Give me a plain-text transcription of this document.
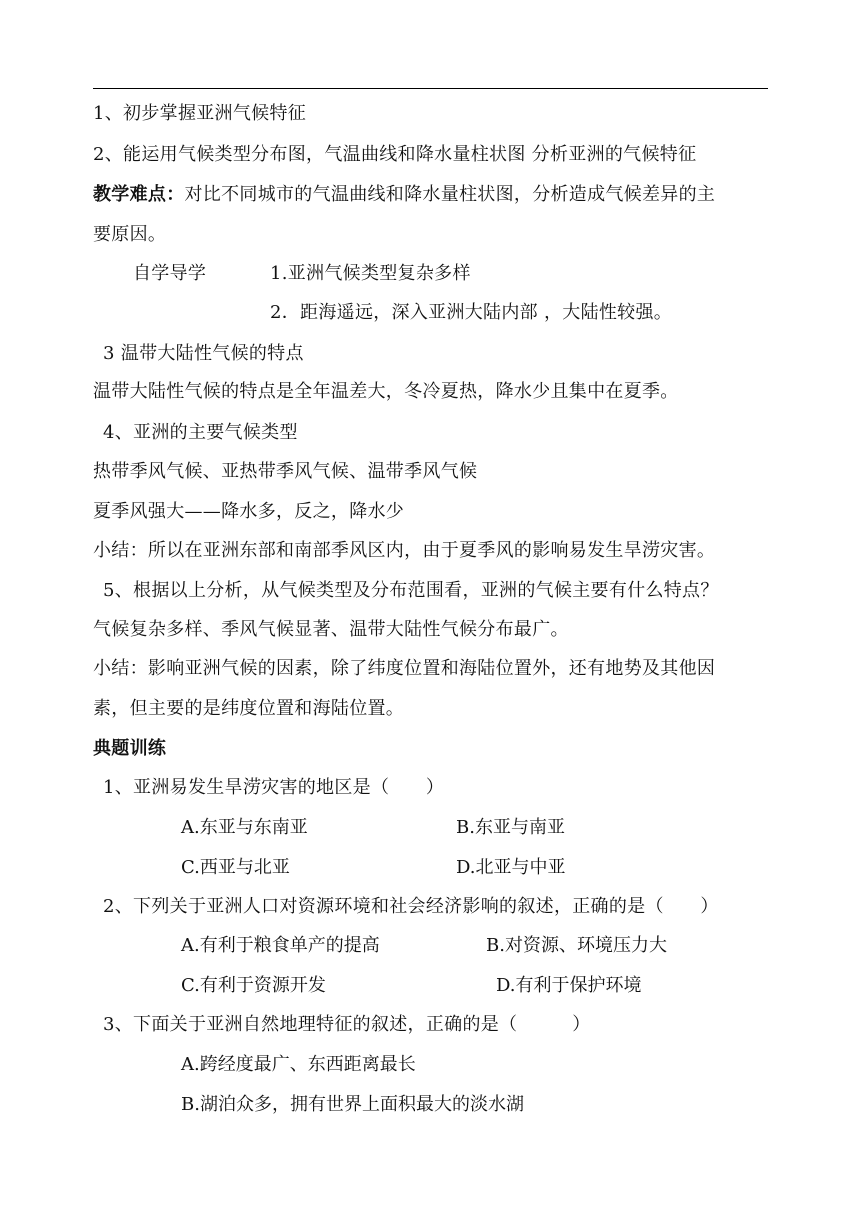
1、初步掌握亚洲气候特征
2、能运用气候类型分布图，气温曲线和降水量柱状图 分析亚洲的气候特征
教学难点：对比不同城市的气温曲线和降水量柱状图，分析造成气候差异的主
要原因。
自学导学	1.亚洲气候类型复杂多样
2．距海遥远，深入亚洲大陆内部 ，大陆性较强。
3 温带大陆性气候的特点
温带大陆性气候的特点是全年温差大，冬冷夏热，降水少且集中在夏季。
4、亚洲的主要气候类型
热带季风气候、亚热带季风气候、温带季风气候
夏季风强大——降水多，反之，降水少
小结：所以在亚洲东部和南部季风区内，由于夏季风的影响易发生旱涝灾害。
5、根据以上分析，从气候类型及分布范围看，亚洲的气候主要有什么特点？
气候复杂多样、季风气候显著、温带大陆性气候分布最广。
小结：影响亚洲气候的因素，除了纬度位置和海陆位置外，还有地势及其他因
素，但主要的是纬度位置和海陆位置。
典题训练
1、亚洲易发生旱涝灾害的地区是（　　）
A.东亚与东南亚	B.东亚与南亚
C.西亚与北亚	D.北亚与中亚
2、下列关于亚洲人口对资源环境和社会经济影响的叙述，正确的是（　　）
A.有利于粮食单产的提高	B.对资源、环境压力大
C.有利于资源开发	D.有利于保护环境
3、下面关于亚洲自然地理特征的叙述，正确的是（　　　）
A.跨经度最广、东西距离最长
B.湖泊众多，拥有世界上面积最大的淡水湖
